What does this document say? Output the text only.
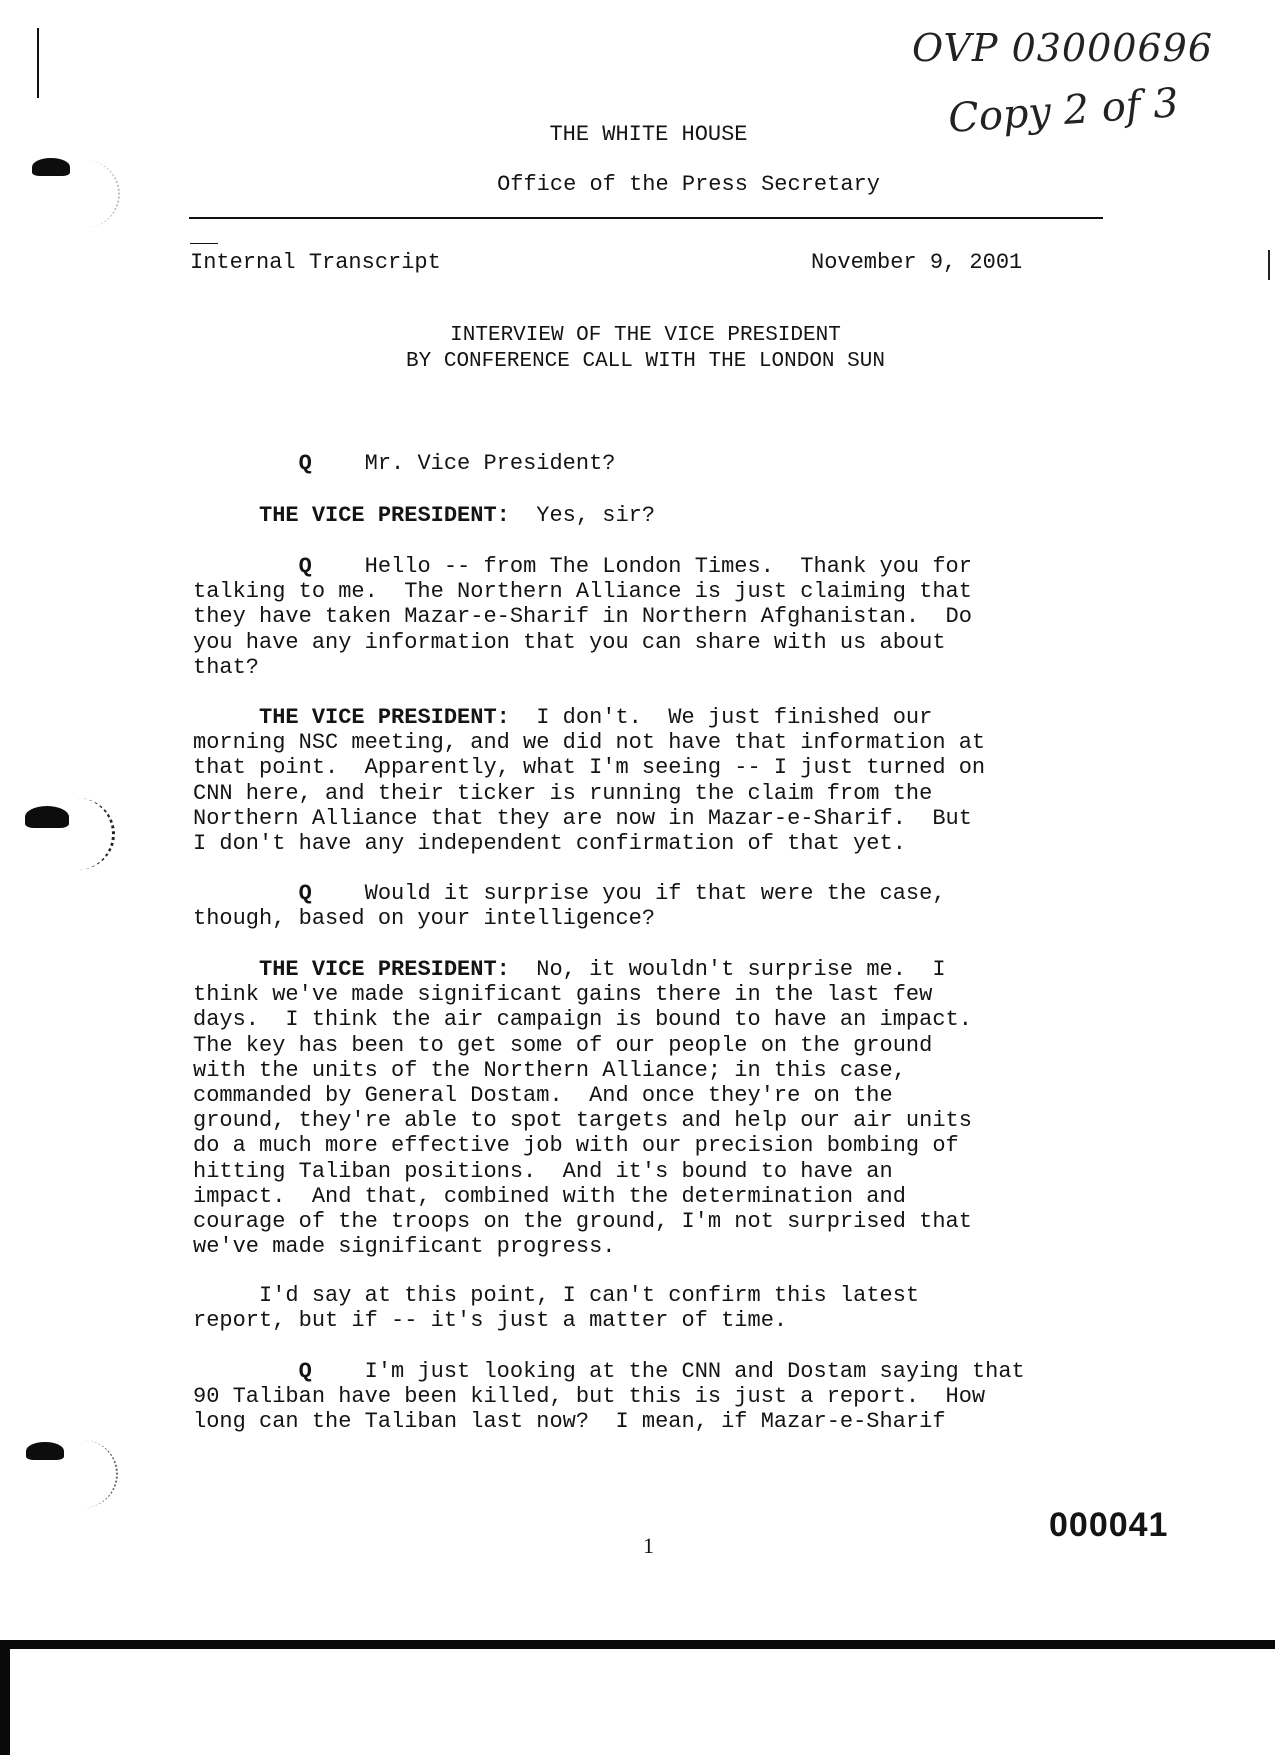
OVP 03000696
Copy 2 of 3
THE WHITE HOUSE
Office of the Press Secretary
Internal Transcript	November 9, 2001
INTERVIEW OF THE VICE PRESIDENT
BY CONFERENCE CALL WITH THE LONDON SUN

Q Mr. Vice President?

THE VICE PRESIDENT: Yes, sir?

Q Hello -- from The London Times.  Thank you for
talking to me.  The Northern Alliance is just claiming that
they have taken Mazar-e-Sharif in Northern Afghanistan.  Do
you have any information that you can share with us about
that?

THE VICE PRESIDENT: I don't.  We just finished our
morning NSC meeting, and we did not have that information at
that point.  Apparently, what I'm seeing -- I just turned on
CNN here, and their ticker is running the claim from the
Northern Alliance that they are now in Mazar-e-Sharif.  But
I don't have any independent confirmation of that yet.

Q Would it surprise you if that were the case,
though, based on your intelligence?

THE VICE PRESIDENT: No, it wouldn't surprise me.  I
think we've made significant gains there in the last few
days.  I think the air campaign is bound to have an impact.
The key has been to get some of our people on the ground
with the units of the Northern Alliance; in this case,
commanded by General Dostam.  And once they're on the
ground, they're able to spot targets and help our air units
do a much more effective job with our precision bombing of
hitting Taliban positions.  And it's bound to have an
impact.  And that, combined with the determination and
courage of the troops on the ground, I'm not surprised that
we've made significant progress.

I'd say at this point, I can't confirm this latest
report, but if -- it's just a matter of time.

Q I'm just looking at the CNN and Dostam saying that
90 Taliban have been killed, but this is just a report.  How
long can the Taliban last now?  I mean, if Mazar-e-Sharif

000041
1
